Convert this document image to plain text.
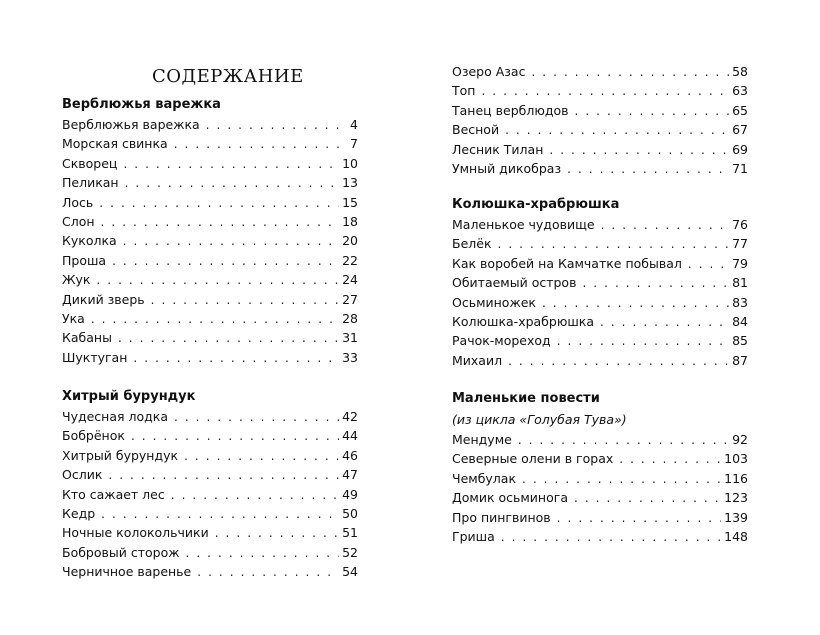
СОДЕРЖАНИЕ
Верблюжья варежка
Верблюжья варежка . . .	4
Морская свинка . . .	7
Скворец . . .	10
Пеликан . . .	13
Лось . . .	15
Слон . . .	18
Куколка . . .	20
Проша . . .	22
Жук . . .	24
Дикий зверь . . .	27
Ука . . .	28
Кабаны . . .	31
Шуктуган . . .	33
Хитрый бурундук
Чудесная лодка . . .	42
Бобрёнок . . .	44
Хитрый бурундук . . .	46
Ослик . . .	47
Кто сажает лес . . .	49
Кедр . . .	50
Ночные колокольчики . . .	51
Бобровый сторож . . .	52
Черничное варенье . . .	54
Озеро Азас . . .	58
Топ . . .	63
Танец верблюдов . . .	65
Весной . . .	67
Лесник Тилан . . .	69
Умный дикобраз . . .	71
Колюшка-храбрюшка
Маленькое чудовище . . .	76
Белёк . . .	77
Как воробей на Камчатке побывал . . .	79
Обитаемый остров . . .	81
Осьминожек . . .	83
Колюшка-храбрюшка . . .	84
Рачок-мореход . . .	85
Михаил . . .	87
Маленькие повести
(из цикла «Голубая Тува»)
Мендуме . . .	92
Северные олени в горах . . .	103
Чембулак . . .	116
Домик осьминога . . .	123
Про пингвинов . . .	139
Гриша . . .	148
